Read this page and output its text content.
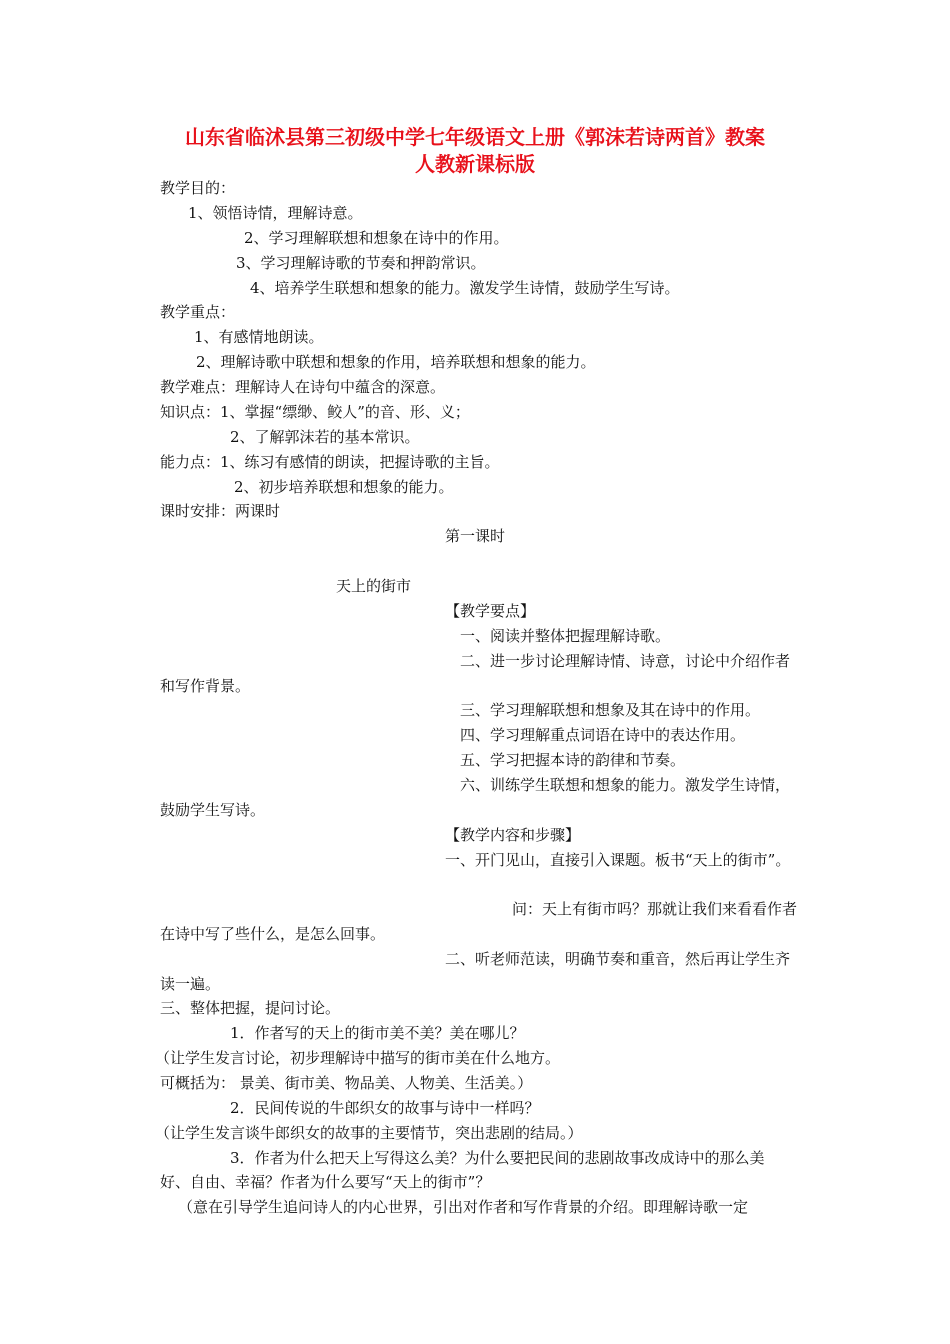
山东省临沭县第三初级中学七年级语文上册《郭沫若诗两首》教案
人教新课标版
教学目的：
1、领悟诗情，理解诗意。
2、学习理解联想和想象在诗中的作用。
3、学习理解诗歌的节奏和押韵常识。
4、培养学生联想和想象的能力。激发学生诗情，鼓励学生写诗。
教学重点：
1、有感情地朗读。
2、理解诗歌中联想和想象的作用，培养联想和想象的能力。
教学难点：理解诗人在诗句中蕴含的深意。
知识点：1、掌握“缥缈、鲛人”的音、形、义；
2、了解郭沫若的基本常识。
能力点：1、练习有感情的朗读，把握诗歌的主旨。
2、初步培养联想和想象的能力。
课时安排：两课时
第一课时
天上的街市
【教学要点】
一、阅读并整体把握理解诗歌。
二、进一步讨论理解诗情、诗意，讨论中介绍作者
和写作背景。
三、学习理解联想和想象及其在诗中的作用。
四、学习理解重点词语在诗中的表达作用。
五、学习把握本诗的韵律和节奏。
六、训练学生联想和想象的能力。激发学生诗情，
鼓励学生写诗。
【教学内容和步骤】
一、开门见山，直接引入课题。板书“天上的街市”。
问：天上有街市吗？那就让我们来看看作者
在诗中写了些什么，是怎么回事。
二、听老师范读，明确节奏和重音，然后再让学生齐
读一遍。
三、整体把握，提问讨论。
1．作者写的天上的街市美不美？美在哪儿？
（让学生发言讨论，初步理解诗中描写的街市美在什么地方。
可概括为： 景美、街市美、物品美、人物美、生活美。）
2．民间传说的牛郎织女的故事与诗中一样吗？
（让学生发言谈牛郎织女的故事的主要情节，突出悲剧的结局。）
3．作者为什么把天上写得这么美？为什么要把民间的悲剧故事改成诗中的那么美
好、自由、幸福？作者为什么要写“天上的街市”？
（意在引导学生追问诗人的内心世界，引出对作者和写作背景的介绍。即理解诗歌一定
